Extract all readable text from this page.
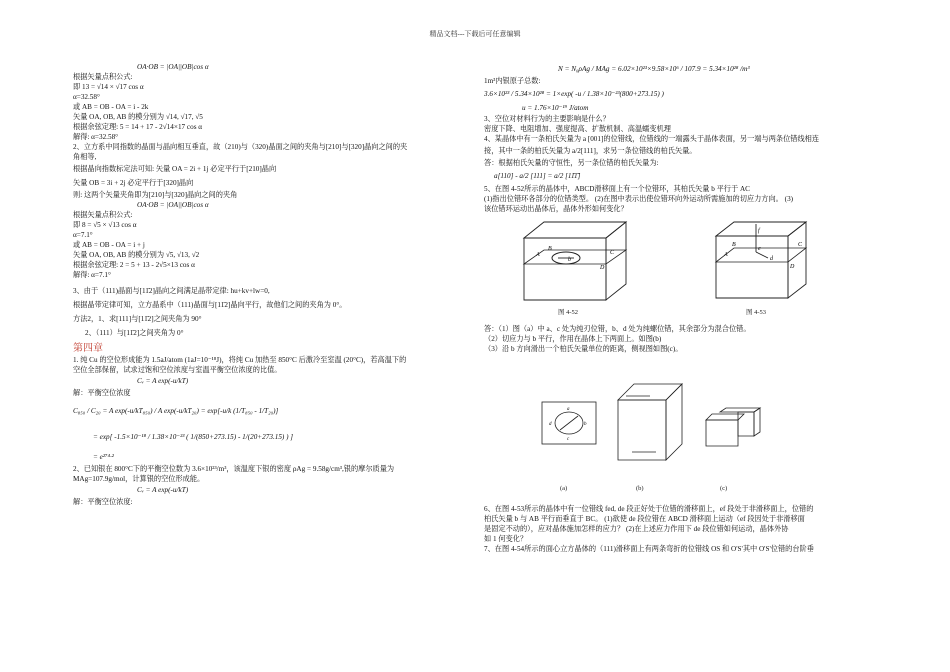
精品文档---下载后可任意编辑
OA·OB = |OA||OB|cos α
根据矢量点积公式:
即 13 = √14 × √17 cos α
α=32.58°
或 AB = OB - OA = i - 2k
矢量 OA, OB, AB 的模分别为 √14, √17, √5
根据余弦定理: 5 = 14 + 17 - 2√14×17 cos α
解得: α=32.58°
2、立方系中同指数的晶面与晶向相互垂直，故（210)与（320)晶面之间的夹角与[210]与[320]晶向之间的夹
角相等,
根据晶向指数标定法可知: 矢量 OA = 2i + 1j 必定平行于[210]晶向
矢量 OB = 3i + 2j 必定平行于[320]晶向
则: 这两个矢量夹角即为[210]与[320]晶向之间的夹角
OA·OB = |OA||OB|cos α
根据矢量点积公式:
即 8 = √5 × √13 cos α
α=7.1°
或 AB = OB - OA = i + j
矢量 OA, OB, AB 的模分别为 √5, √13, √2
根据余弦定理: 2 = 5 + 13 - 2√5×13 cos α
解得: α=7.1°
3、由于（111)晶面与[11̄2]晶向之间满足晶带定律: hu+kv+lw=0,
根据晶带定律可知，立方晶系中（111)晶面与[11̄2]晶向平行，故他们之间的夹角为 0°。
方法2，1、求[111]与[11̄2]之间夹角为 90°
2、（111）与[11̄2]之间夹角为 0°
第四章
1. 纯 Cu 的空位形成能为 1.5aJ/atom (1aJ=10⁻¹⁸J)，将纯 Cu 加热至 850°C 后激冷至室温 (20°C)，若高温下的
空位全部保留，试求过饱和空位浓度与室温平衡空位浓度的比值。
Cᵥ = A exp(-u/kT)
解：平衡空位浓度
C₈₅₀ / C₂₀ = A exp(-u/kT₈₅₀) / A exp(-u/kT₂₀) = exp[-u/k (1/T₈₅₀ - 1/T₂₀)]
= exp[ -1.5×10⁻¹⁸ / 1.38×10⁻²³ ( 1/(850+273.15) - 1/(20+273.15) ) ]
= e²⁷⁴·²
2、已知银在 800°C下的平衡空位数为 3.6×10²³/m³，该温度下银的密度 ρAg = 9.58g/cm³,银的摩尔质量为
MAg=107.9g/mol，计算银的空位形成能。
Cᵥ = A exp(-u/kT)
解：平衡空位浓度:
N = N₀ρAg / MAg = 6.02×10²³×9.58×10⁶ / 107.9 = 5.34×10²⁸ /m³
1m³内银原子总数:
3.6×10²³ / 5.34×10²⁸ = 1×exp( -u / 1.38×10⁻²³(800+273.15) )
u = 1.76×10⁻¹⁹ J/atom
3、空位对材料行为的主要影响是什么？
密度下降、电阻增加、强度提高、扩散机制、高温蠕变机理
4、某晶体中有一条柏氏矢量为 a [001]的位错线，位错线的一端露头于晶体表面，另一端与两条位错线相连
接，其中一条的柏氏矢量为 a/2[111]，求另一条位错线的柏氏矢量。
答：根据柏氏矢量的守恒性，另一条位错的柏氏矢量为:
a[110] - a/2 [111] = a/2 [11̄1̄]
5、在图 4-52所示的晶体中，ABCD滑移面上有一个位错环，其柏氏矢量 b 平行于 AC
(1)指出位错环各部分的位错类型。 (2)在图中表示出使位错环向外运动所需施加的切应力方向。 (3)
该位错环运动出晶体后，晶体外形如何变化？
A
B
C
D
b
图 4-52
f
e
d
A
B	C
D
图 4-53
答：（1）图（a）中 a、c 处为纯刃位错，b、d 处为纯螺位错，其余部分为混合位错。
（2）切应力与 b 平行，作用在晶体上下两面上。如图(b)
（3）沿 b 方向滑出一个柏氏矢量单位的距离，侧视图如图(c)。
a
b
c
d
(a)	(b)	(c)
6、在图 4-53所示的晶体中有一位错线 fed, de 段正好处于位错的滑移面上，ef 段处于非滑移面上，位错的
柏氏矢量 b 与 AB 平行而垂直于 BC。 (1)欲使 de 段位错在 ABCD 滑移面上运动（ef 段因处于非滑移面
是固定不动的），应对晶体施加怎样的应力？ (2)在上述应力作用下 de 段位错如何运动，晶体外协
如 1 何变化？
7、在图 4-54所示的面心立方晶体的（111)滑移面上有两条弯折的位错线 OS 和 O'S'其中 O'S'位错的台阶垂
